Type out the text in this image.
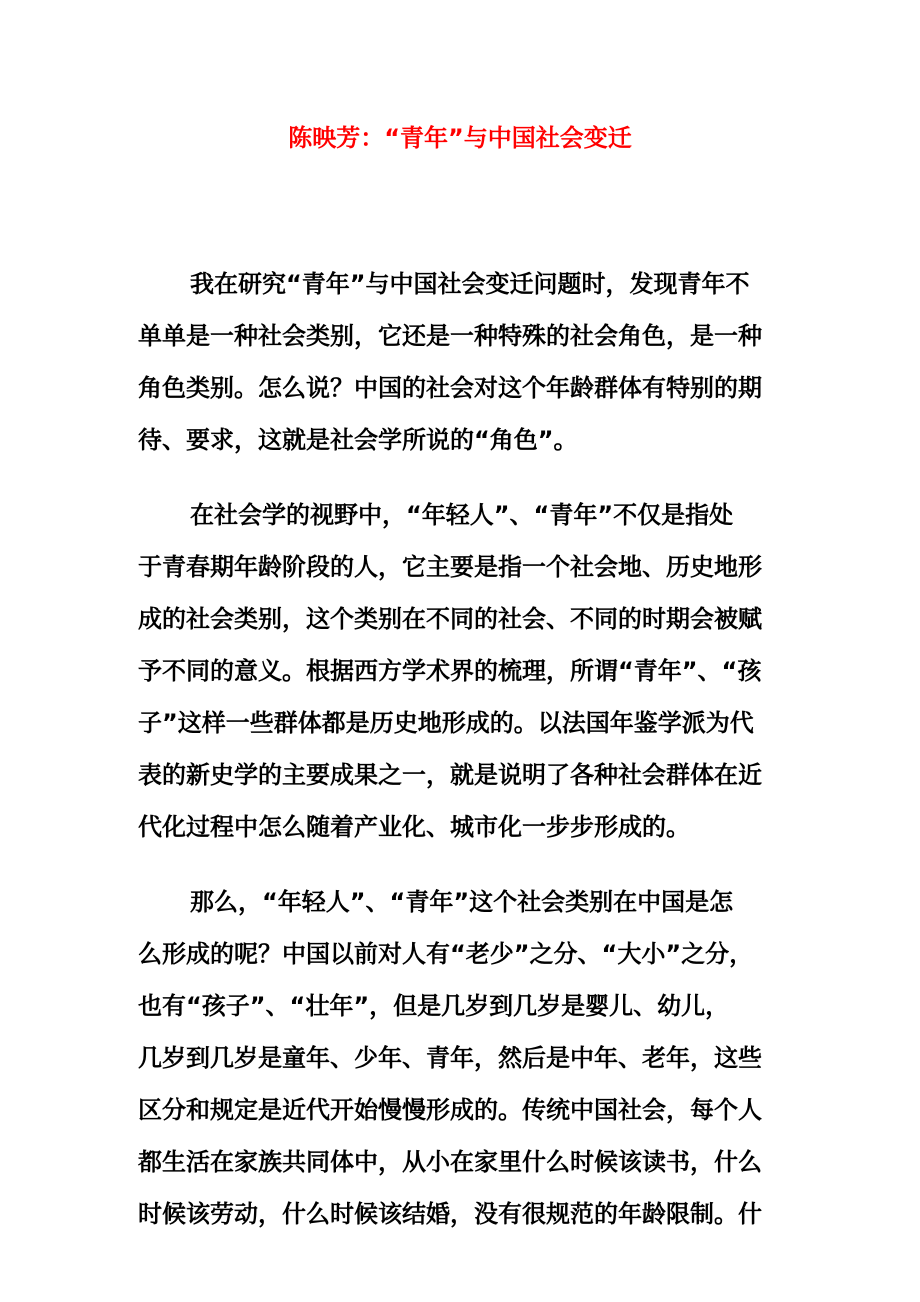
陈映芳：“青年”与中国社会变迁
我在研究“青年”与中国社会变迁问题时，发现青年不
单单是一种社会类别，它还是一种特殊的社会角色，是一种
角色类别。怎么说？中国的社会对这个年龄群体有特别的期
待、要求，这就是社会学所说的“角色”。
在社会学的视野中，“年轻人”、“青年”不仅是指处
于青春期年龄阶段的人，它主要是指一个社会地、历史地形
成的社会类别，这个类别在不同的社会、不同的时期会被赋
予不同的意义。根据西方学术界的梳理，所谓“青年”、“孩
子”这样一些群体都是历史地形成的。以法国年鉴学派为代
表的新史学的主要成果之一，就是说明了各种社会群体在近
代化过程中怎么随着产业化、城市化一步步形成的。
那么，“年轻人”、“青年”这个社会类别在中国是怎
么形成的呢？中国以前对人有“老少”之分、“大小”之分，
也有“孩子”、“壮年”，但是几岁到几岁是婴儿、幼儿，
几岁到几岁是童年、少年、青年，然后是中年、老年，这些
区分和规定是近代开始慢慢形成的。传统中国社会，每个人
都生活在家族共同体中，从小在家里什么时候该读书，什么
时候该劳动，什么时候该结婚，没有很规范的年龄限制。什
